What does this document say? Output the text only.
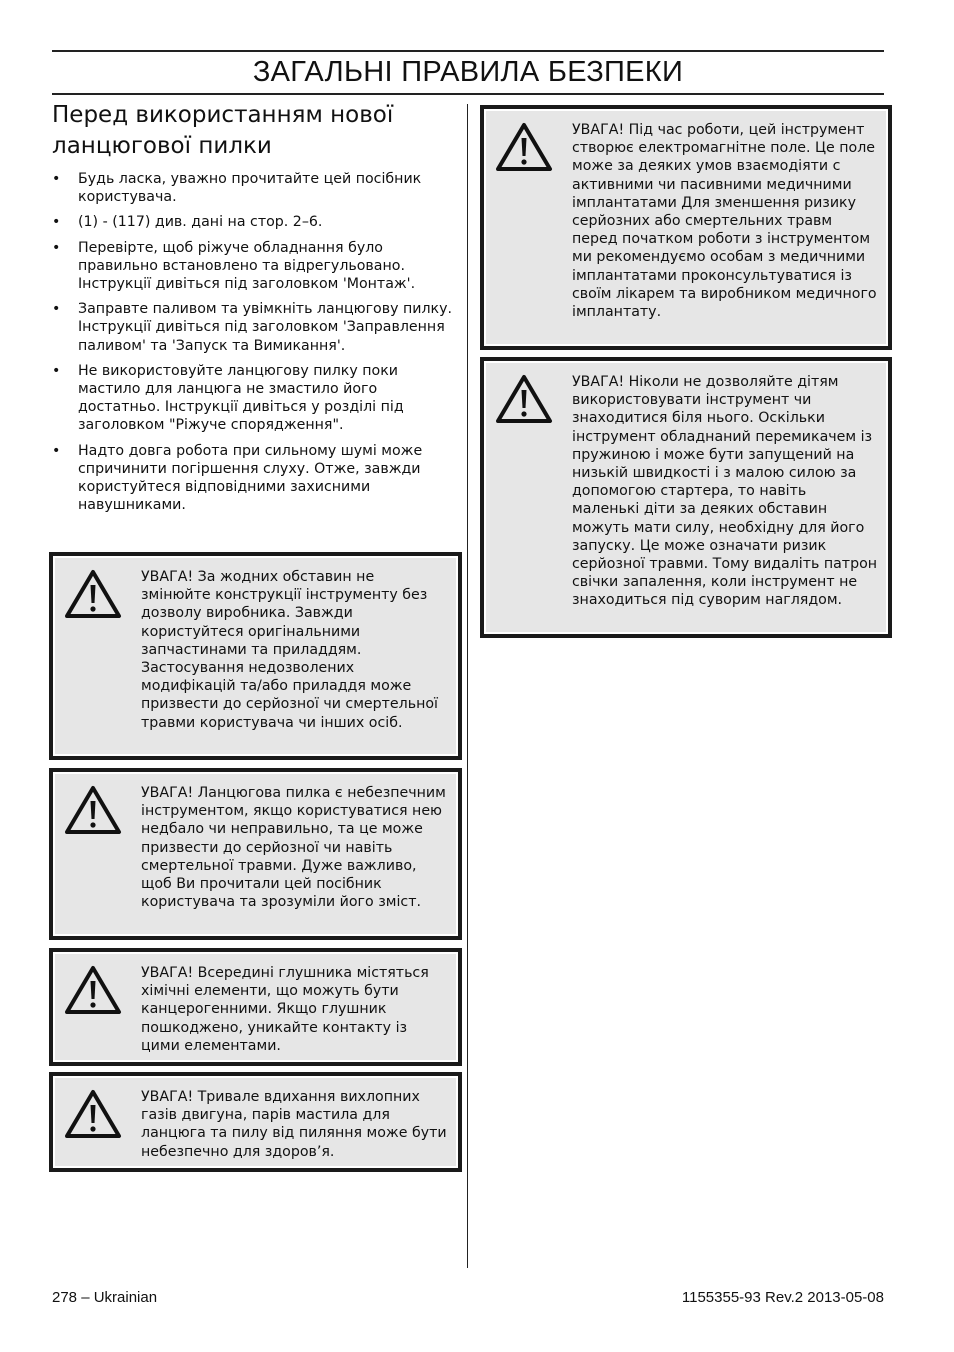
ЗАГАЛЬНІ ПРАВИЛА БЕЗПЕКИ
Перед використанням нової
ланцюгової пилки
• Будь ласка, уважно прочитайте цей посібник користувача.
• (1) - (117) див. дані на стор. 2–6.
• Перевірте, щоб ріжуче обладнання було правильно встановлено та відрегульовано. Інструкції дивіться під заголовком 'Монтаж'.
• Заправте паливом та увімкніть ланцюгову пилку. Інструкції дивіться під заголовком 'Заправлення паливом' та 'Запуск та Вимикання'.
• Не використовуйте ланцюгову пилку поки мастило для ланцюга не змастило його достатньо. Інструкції дивіться у розділі під заголовком "Ріжуче спорядження".
• Надто довга робота при сильному шумі може спричинити погіршення слуху. Отже, завжди користуйтеся відповідними захисними навушниками.
УВАГА! За жодних обставин не змінюйте конструкції інструменту без дозволу виробника. Завжди користуйтеся оригінальними запчастинами та приладдям. Застосування недозволених модифікацій та/або приладдя може призвести до серйозної чи смертельної травми користувача чи інших осіб.
УВАГА! Ланцюгова пилка є небезпечним інструментом, якщо користуватися нею недбало чи неправильно, та це може призвести до серйозної чи навіть смертельної травми. Дуже важливо, щоб Ви прочитали цей посібник користувача та зрозуміли його зміст.
УВАГА! Всередині глушника містяться хімічні елементи, що можуть бути канцерогенними. Якщо глушник пошкоджено, уникайте контакту із цими елементами.
УВАГА! Тривале вдихання вихлопних газів двигуна, парів мастила для ланцюга та пилу від пиляння може бути небезпечно для здоров’я.
УВАГА! Під час роботи, цей інструмент створює електромагнітне поле. Це поле може за деяких умов взаємодіяти с активними чи пасивними медичними імплантатами Для зменшення ризику серйозних або смертельних травм перед початком роботи з інструментом ми рекомендуємо особам з медичними імплантатами проконсультуватися із своїм лікарем та виробником медичного імплантату.
УВАГА! Ніколи не дозволяйте дітям використовувати інструмент чи знаходитися біля нього. Оскільки інструмент обладнаний перемикачем із пружиною і може бути запущений на низькій швидкості і з малою силою за допомогою стартера, то навіть маленькі діти за деяких обставин можуть мати силу, необхідну для його запуску. Це може означати ризик серйозної травми. Тому видаліть патрон свічки запалення, коли інструмент не знаходиться під суворим наглядом.
278 – Ukrainian	1155355-93 Rev.2 2013-05-08
